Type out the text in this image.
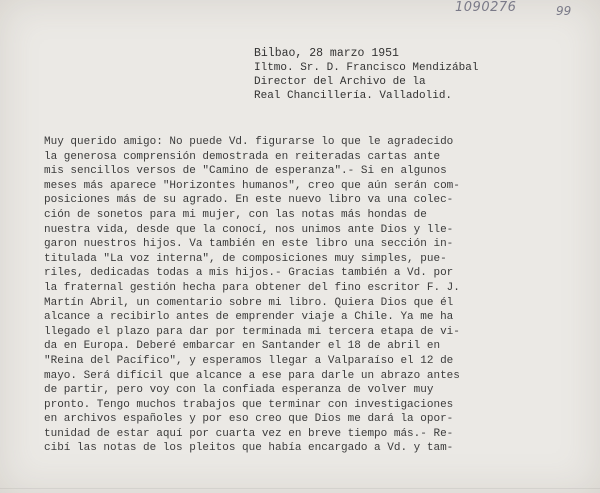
1090276	99
Bilbao, 28 marzo 1951
Iltmo. Sr. D. Francisco Mendizábal
Director del Archivo de la
Real Chancillería. Valladolid.
Muy querido amigo: No puede Vd. figurarse lo que le agradecido
la generosa comprensión demostrada en reiteradas cartas ante
mis sencillos versos de "Camino de esperanza".- Si en algunos
meses más aparece "Horizontes humanos", creo que aún serán com-
posiciones más de su agrado. En este nuevo libro va una colec-
ción de sonetos para mi mujer, con las notas más hondas de
nuestra vida, desde que la conocí, nos unimos ante Dios y lle-
garon nuestros hijos. Va también en este libro una sección in-
titulada "La voz interna", de composiciones muy simples, pue-
riles, dedicadas todas a mis hijos.- Gracias también a Vd. por
la fraternal gestión hecha para obtener del fino escritor F. J.
Martín Abril, un comentario sobre mi libro. Quiera Dios que él
alcance a recibirlo antes de emprender viaje a Chile. Ya me ha
llegado el plazo para dar por terminada mi tercera etapa de vi-
da en Europa. Deberé embarcar en Santander el 18 de abril en
"Reina del Pacífico", y esperamos llegar a Valparaíso el 12 de
mayo. Será difícil que alcance a ese para darle un abrazo antes
de partir, pero voy con la confiada esperanza de volver muy
pronto. Tengo muchos trabajos que terminar con investigaciones
en archivos españoles y por eso creo que Dios me dará la opor-
tunidad de estar aquí por cuarta vez en breve tiempo más.- Re-
cibí las notas de los pleitos que había encargado a Vd. y tam-
